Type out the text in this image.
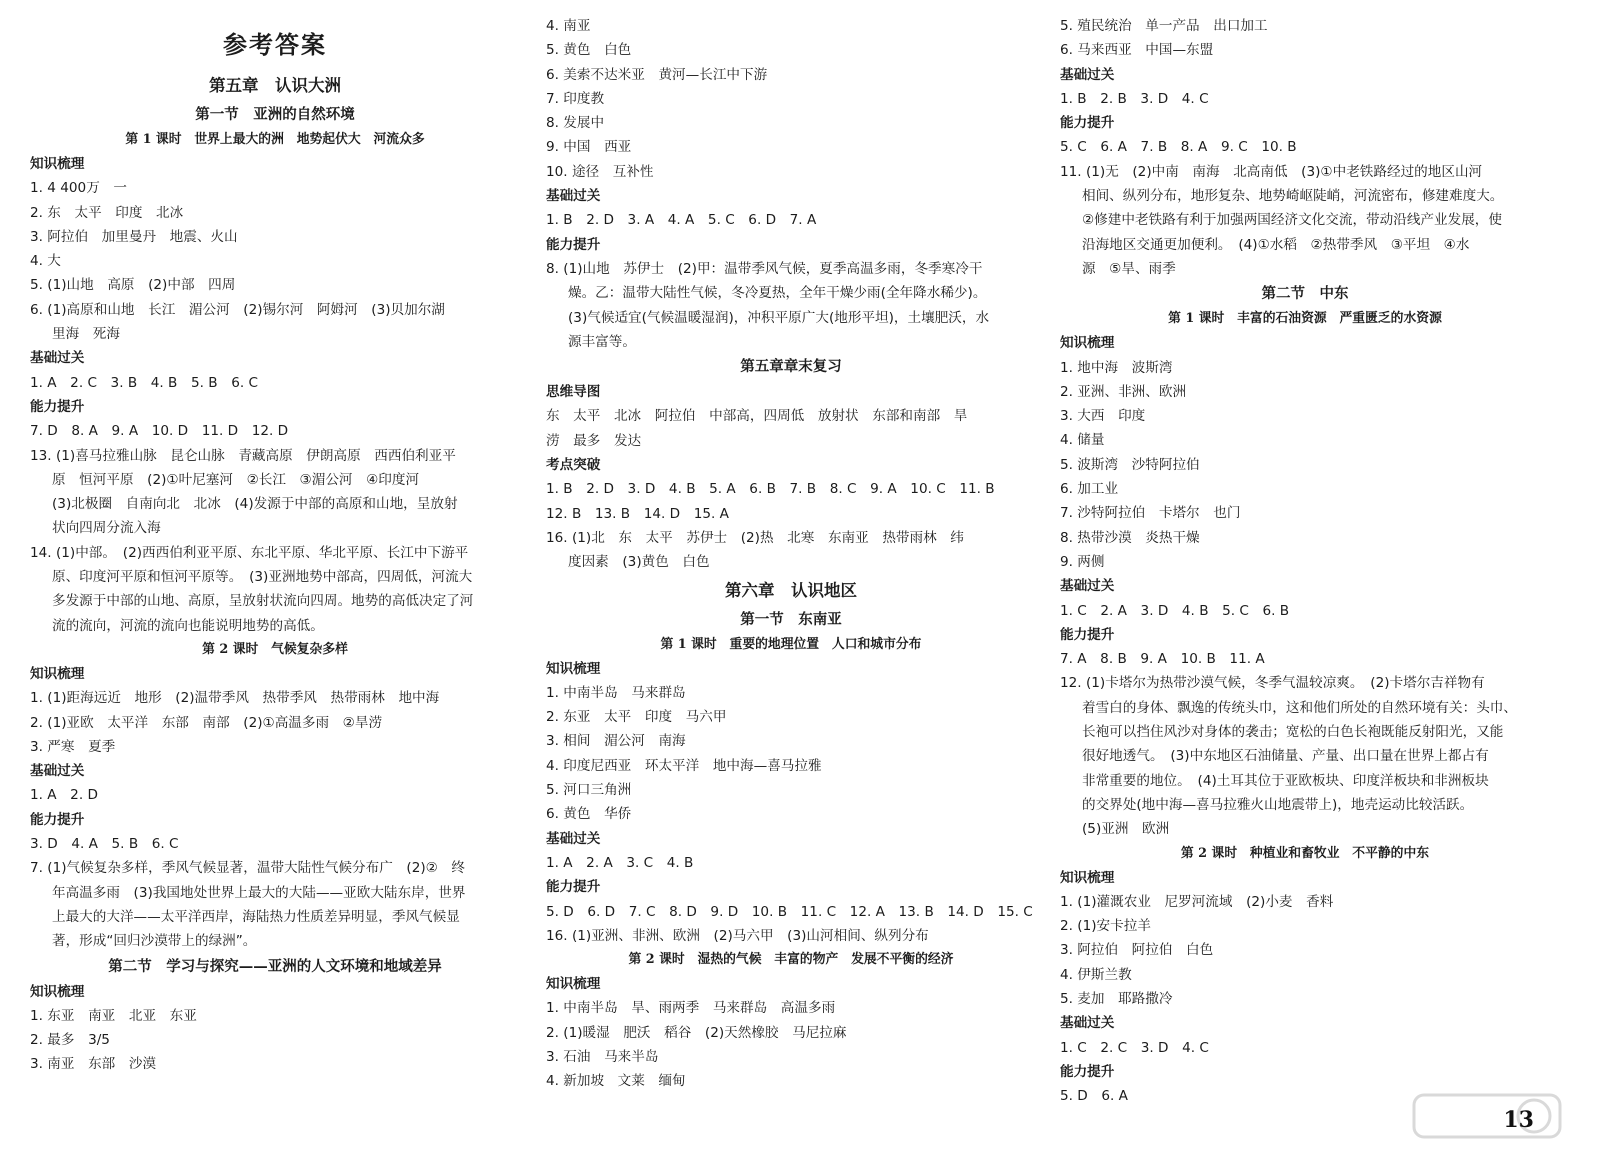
参考答案
第五章　认识大洲
第一节　亚洲的自然环境
第 1 课时　世界上最大的洲　地势起伏大　河流众多
知识梳理
1. 4 400万　一
2. 东　太平　印度　北冰
3. 阿拉伯　加里曼丹　地震、火山
4. 大
5. (1)山地　高原　(2)中部　四周
6. (1)高原和山地　长江　湄公河　(2)锡尔河　阿姆河　(3)贝加尔湖
里海　死海
基础过关
1. A　2. C　3. B　4. B　5. B　6. C
能力提升
7. D　8. A　9. A　10. D　11. D　12. D
13. (1)喜马拉雅山脉　昆仑山脉　青藏高原　伊朗高原　西西伯利亚平
原　恒河平原　(2)①叶尼塞河　②长江　③湄公河　④印度河
(3)北极圈　自南向北　北冰　(4)发源于中部的高原和山地，呈放射
状向四周分流入海
14. (1)中部。　(2)西西伯利亚平原、东北平原、华北平原、长江中下游平
原、印度河平原和恒河平原等。　(3)亚洲地势中部高，四周低，河流大
多发源于中部的山地、高原，呈放射状流向四周。地势的高低决定了河
流的流向，河流的流向也能说明地势的高低。
第 2 课时　气候复杂多样
知识梳理
1. (1)距海远近　地形　(2)温带季风　热带季风　热带雨林　地中海
2. (1)亚欧　太平洋　东部　南部　(2)①高温多雨　②旱涝
3. 严寒　夏季
基础过关
1. A　2. D
能力提升
3. D　4. A　5. B　6. C
7. (1)气候复杂多样，季风气候显著，温带大陆性气候分布广　(2)②　终
年高温多雨　(3)我国地处世界上最大的大陆——亚欧大陆东岸，世界
上最大的大洋——太平洋西岸，海陆热力性质差异明显，季风气候显
著，形成“回归沙漠带上的绿洲”。
第二节　学习与探究——亚洲的人文环境和地域差异
知识梳理
1. 东亚　南亚　北亚　东亚
2. 最多　3/5
3. 南亚　东部　沙漠
4. 南亚
5. 黄色　白色
6. 美索不达米亚　黄河—长江中下游
7. 印度教
8. 发展中
9. 中国　西亚
10. 途径　互补性
基础过关
1. B　2. D　3. A　4. A　5. C　6. D　7. A
能力提升
8. (1)山地　苏伊士　(2)甲：温带季风气候，夏季高温多雨，冬季寒冷干
燥。乙：温带大陆性气候，冬冷夏热，全年干燥少雨(全年降水稀少)。
(3)气候适宜(气候温暖湿润)，冲积平原广大(地形平坦)，土壤肥沃，水
源丰富等。
第五章章末复习
思维导图
东　太平　北冰　阿拉伯　中部高，四周低　放射状　东部和南部　旱
涝　最多　发达
考点突破
1. B　2. D　3. D　4. B　5. A　6. B　7. B　8. C　9. A　10. C　11. B
12. B　13. B　14. D　15. A
16. (1)北　东　太平　苏伊士　(2)热　北寒　东南亚　热带雨林　纬
度因素　(3)黄色　白色
第六章　认识地区
第一节　东南亚
第 1 课时　重要的地理位置　人口和城市分布
知识梳理
1. 中南半岛　马来群岛
2. 东亚　太平　印度　马六甲
3. 相间　湄公河　南海
4. 印度尼西亚　环太平洋　地中海—喜马拉雅
5. 河口三角洲
6. 黄色　华侨
基础过关
1. A　2. A　3. C　4. B
能力提升
5. D　6. D　7. C　8. D　9. D　10. B　11. C　12. A　13. B　14. D　15. C
16. (1)亚洲、非洲、欧洲　(2)马六甲　(3)山河相间、纵列分布
第 2 课时　湿热的气候　丰富的物产　发展不平衡的经济
知识梳理
1. 中南半岛　旱、雨两季　马来群岛　高温多雨
2. (1)暖湿　肥沃　稻谷　(2)天然橡胶　马尼拉麻
3. 石油　马来半岛
4. 新加坡　文莱　缅甸
5. 殖民统治　单一产品　出口加工
6. 马来西亚　中国—东盟
基础过关
1. B　2. B　3. D　4. C
能力提升
5. C　6. A　7. B　8. A　9. C　10. B
11. (1)无　(2)中南　南海　北高南低　(3)①中老铁路经过的地区山河
相间、纵列分布，地形复杂、地势崎岖陡峭，河流密布，修建难度大。
②修建中老铁路有利于加强两国经济文化交流，带动沿线产业发展，使
沿海地区交通更加便利。　(4)①水稻　②热带季风　③平坦　④水
源　⑤旱、雨季
第二节　中东
第 1 课时　丰富的石油资源　严重匮乏的水资源
知识梳理
1. 地中海　波斯湾
2. 亚洲、非洲、欧洲
3. 大西　印度
4. 储量
5. 波斯湾　沙特阿拉伯
6. 加工业
7. 沙特阿拉伯　卡塔尔　也门
8. 热带沙漠　炎热干燥
9. 两侧
基础过关
1. C　2. A　3. D　4. B　5. C　6. B
能力提升
7. A　8. B　9. A　10. B　11. A
12. (1)卡塔尔为热带沙漠气候，冬季气温较凉爽。　(2)卡塔尔吉祥物有
着雪白的身体、飘逸的传统头巾，这和他们所处的自然环境有关：头巾、
长袍可以挡住风沙对身体的袭击；宽松的白色长袍既能反射阳光，又能
很好地透气。　(3)中东地区石油储量、产量、出口量在世界上都占有
非常重要的地位。　(4)土耳其位于亚欧板块、印度洋板块和非洲板块
的交界处(地中海—喜马拉雅火山地震带上)，地壳运动比较活跃。
(5)亚洲　欧洲
第 2 课时　种植业和畜牧业　不平静的中东
知识梳理
1. (1)灌溉农业　尼罗河流域　(2)小麦　香料
2. (1)安卡拉羊
3. 阿拉伯　阿拉伯　白色
4. 伊斯兰教
5. 麦加　耶路撒冷
基础过关
1. C　2. C　3. D　4. C
能力提升
5. D　6. A
13
